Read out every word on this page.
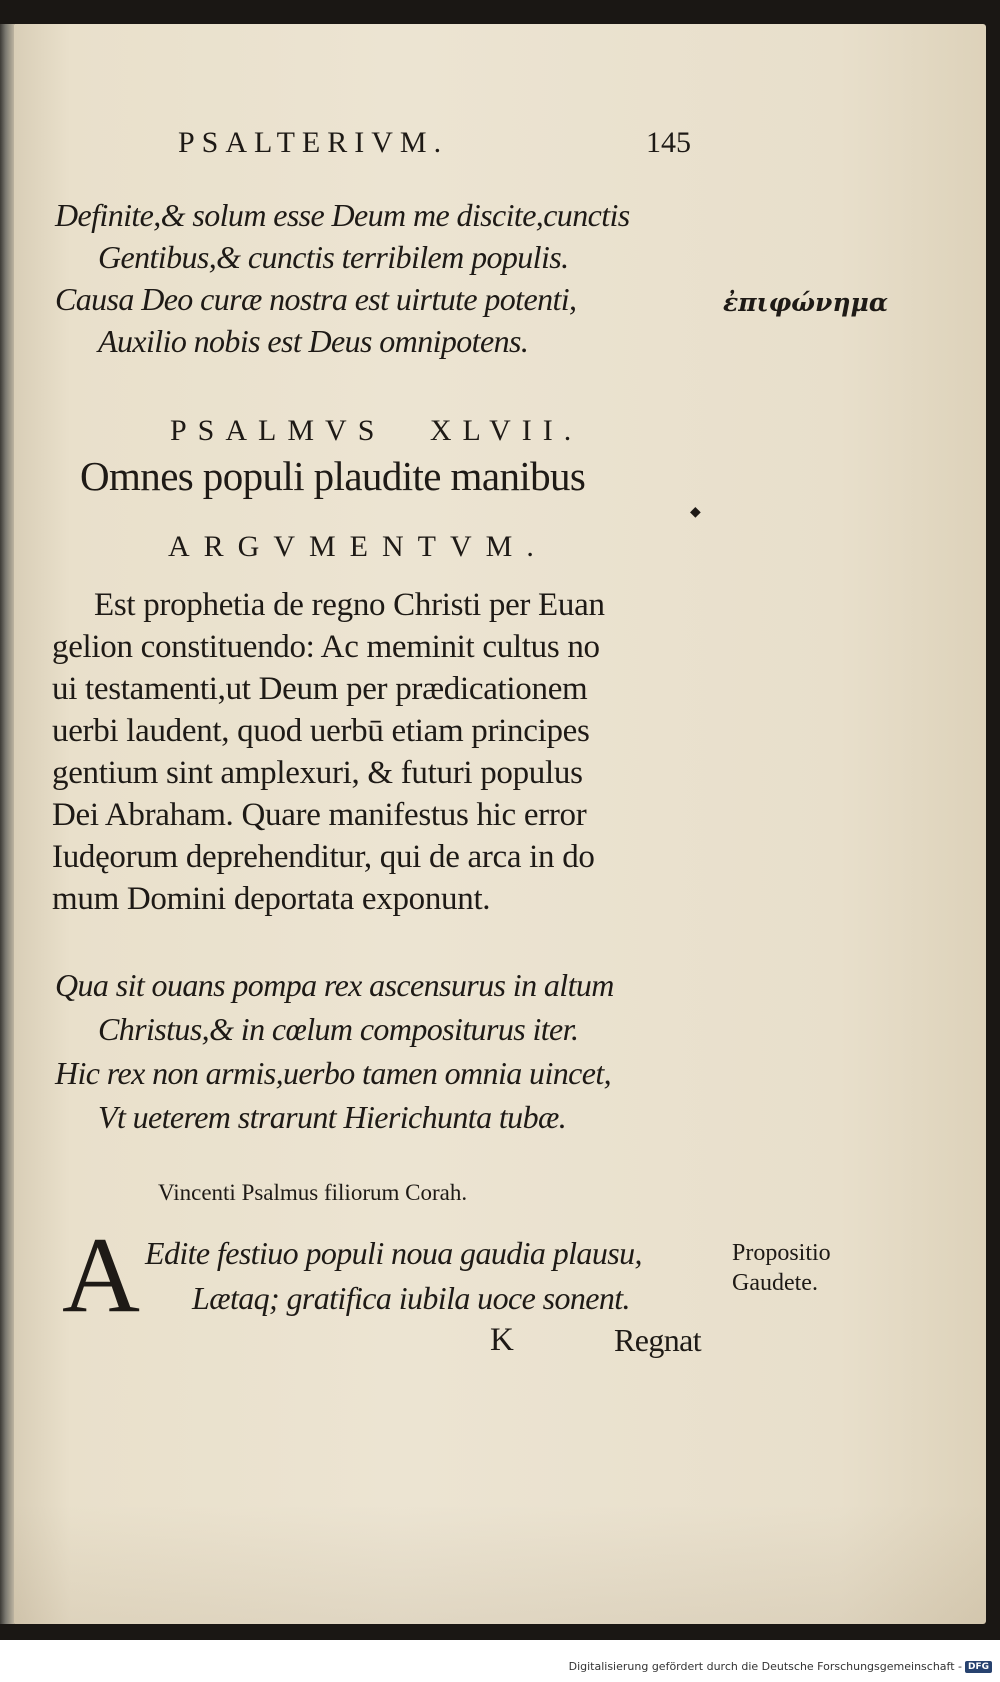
PSALTERIVM.	145
Definite,& solum esse Deum me discite,cunctis
Gentibus,& cunctis terribilem populis.
Causa Deo curæ nostra est uirtute potenti,
Auxilio nobis est Deus omnipotens.
ἐπιφώνημα
PSALMVS XLVII.
Omnes populi plaudite manibus
◆
ARGVMENTVM.
Est prophetia de regno Christi per Euan
gelion constituendo: Ac meminit cultus no
ui testamenti,ut Deum per prædicationem
uerbi laudent, quod uerbū etiam principes
gentium sint amplexuri, & futuri populus
Dei Abraham. Quare manifestus hic error
Iudęorum deprehenditur, qui de arca in do
mum Domini deportata exponunt.
Qua sit ouans pompa rex ascensurus in altum
Christus,& in cœlum compositurus iter.
Hic rex non armis,uerbo tamen omnia uincet,
Vt ueterem strarunt Hierichunta tubæ.
Vincenti Psalmus filiorum Corah.
A Edite festiuo populi noua gaudia plausu,
Lætaq; gratifica iubila uoce sonent.
Propositio
Gaudete.
K	Regnat
Digitalisierung gefördert durch die Deutsche Forschungsgemeinschaft - DFG
